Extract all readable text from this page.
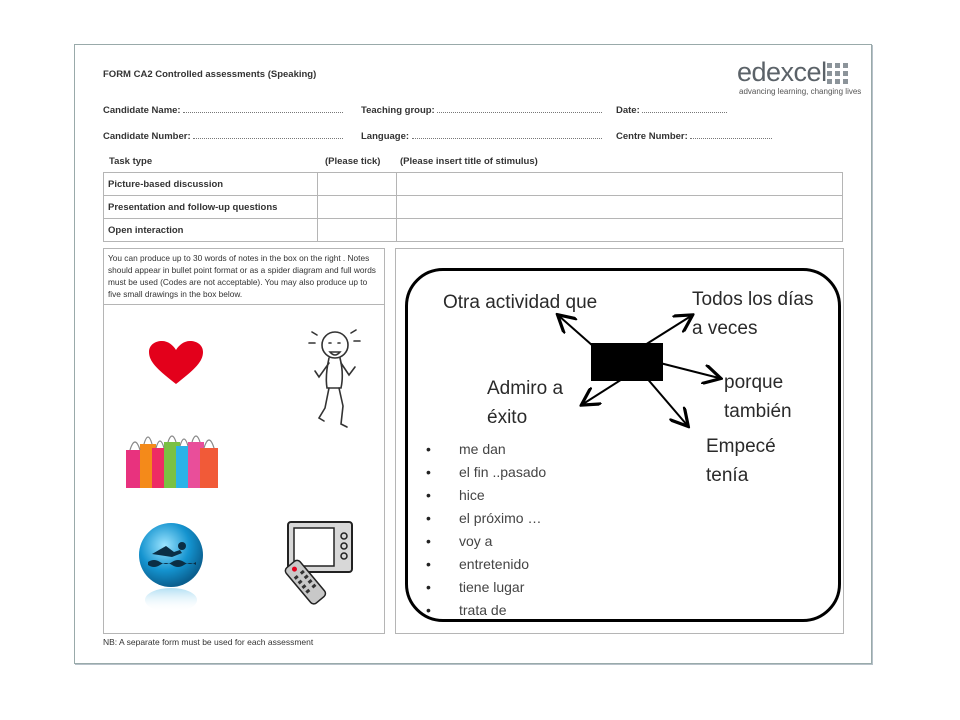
FORM CA2 Controlled assessments (Speaking)	edexcel
advancing learning, changing lives
Candidate Name:	Teaching group:	Date:
Candidate Number:	Language:	Centre Number:
Task type	(Please tick) (Please insert title of stimulus)
Picture-based discussion		
Presentation and follow-up questions		
Open interaction		
You can produce up to 30 words of notes in the box on the right . Notes should appear in bullet point format or as a spider diagram and full words must be used (Codes are not acceptable). You may also produce up to five small drawings in the box below.
NB: A separate form must be used for each assessment
Otra actividad que	Todos los días
a veces
porque
también
Admiro a
éxito
Empecé
tenía
• me dan
• el fin ..pasado
• hice
• el próximo …
• voy a
• entretenido
• tiene lugar
• trata de
